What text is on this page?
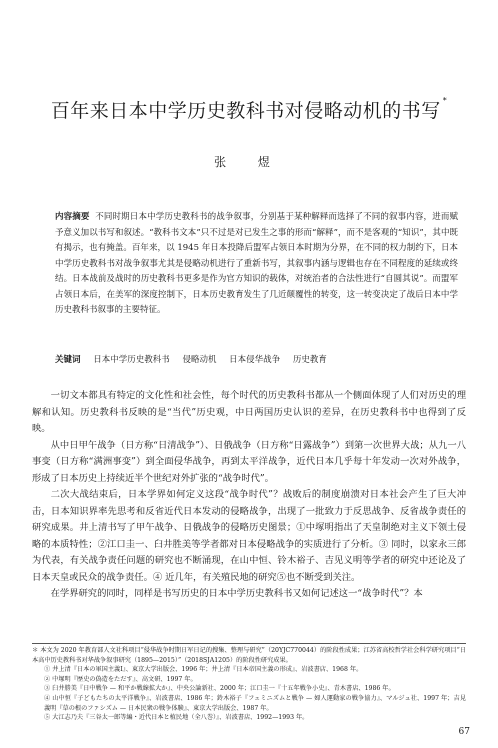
百年来日本中学历史教科书对侵略动机的书写 *
张 煜
内容摘要 不同时期日本中学历史教科书的战争叙事，分别基于某种解释而选择了不同的叙事内容，进而赋予意义加以书写和叙述。“教科书文本”只不过是对已发生之事的形而“解释”，而不是客观的“知识”，其中既有揭示，也有掩盖。百年来，以 1945 年日本投降后盟军占领日本时期为分界，在不同的权力制约下，日本中学历史教科书对战争叙事尤其是侵略动机进行了重新书写，其叙事内涵与逻辑也存在不同程度的延续或终结。日本战前及战时的历史教科书更多是作为官方知识的载体，对统治者的合法性进行“自圆其说”。而盟军占领日本后，在美军的深度控制下，日本历史教育发生了几近颠覆性的转变，这一转变决定了战后日本中学历史教科书叙事的主要特征。
关键词 日本中学历史教科书 侵略动机 日本侵华战争 历史教育

一切文本都具有特定的文化性和社会性，每个时代的历史教科书都从一个侧面体现了人们对历史的理解和认知。历史教科书反映的是“当代”历史观，中日两国历史认识的差异，在历史教科书中也得到了反映。

从中日甲午战争（日方称“日清战争”）、日俄战争（日方称“日露战争”）到第一次世界大战；从九一八事变（日方称“满洲事变”）到全面侵华战争，再到太平洋战争，近代日本几乎每十年发动一次对外战争，形成了日本历史上持续近半个世纪对外扩张的“战争时代”。

二次大战结束后，日本学界如何定义这段“战争时代”？战败后的制度崩溃对日本社会产生了巨大冲击，日本知识界率先思考和反省近代日本发动的侵略战争，出现了一批致力于反思战争、反省战争责任的研究成果。井上清书写了甲午战争、日俄战争的侵略历史图景；①中塚明指出了天皇制绝对主义下领土侵略的本质特性；②江口圭一、臼井胜美等学者都对日本侵略战争的实质进行了分析。③ 同时，以家永三郎为代表，有关战争责任问题的研究也不断涌现，在山中恒、铃木裕子、吉见义明等学者的研究中还论及了日本天皇或民众的战争责任。④ 近几年，有关殖民地的研究⑤也不断受到关注。

在学界研究的同时，同样是书写历史的日本中学历史教科书又如何记述这一“战争时代”？本

＊ 本文为 2020 年教育部人文社科项目“侵华战争时期日军日记的搜集、整理与研究”（20YJC770044）的阶段性成果；江苏省高校哲学社会科学研究项目“日本高中历史教科书对华战争叙事研究（1895—2015）”（2018SJA1205）的阶段性研究成果。

① 井上清『日本の軍国主義Ⅰ』、東京大学出版会、1996 年；井上清『日本帝国主義の形成』、岩波書店、1968 年。

② 中塚明『歴史の偽造をただす』、高文研、1997 年。

③ 臼井勝美『日中戦争 — 和平か戦線拡大か』、中央公論新社、2000 年；江口圭一『十五年戦争小史』、青木書店、1986 年。

④ 山中恒『子どもたちの太平洋戦争』、岩波書店、1986 年；鈴木裕子『フェミニズムと戦争 — 婦人運動家の戦争協力』、マルジュ社、1997 年；吉見義明『草の根のファシズム — 日本民衆の戦争体験』、東京大学出版会、1987 年。

⑤ 大江志乃夫『三谷太一郎等編・近代日本と植民地（全八巻）』、岩波書店、1992—1993 年。

67
